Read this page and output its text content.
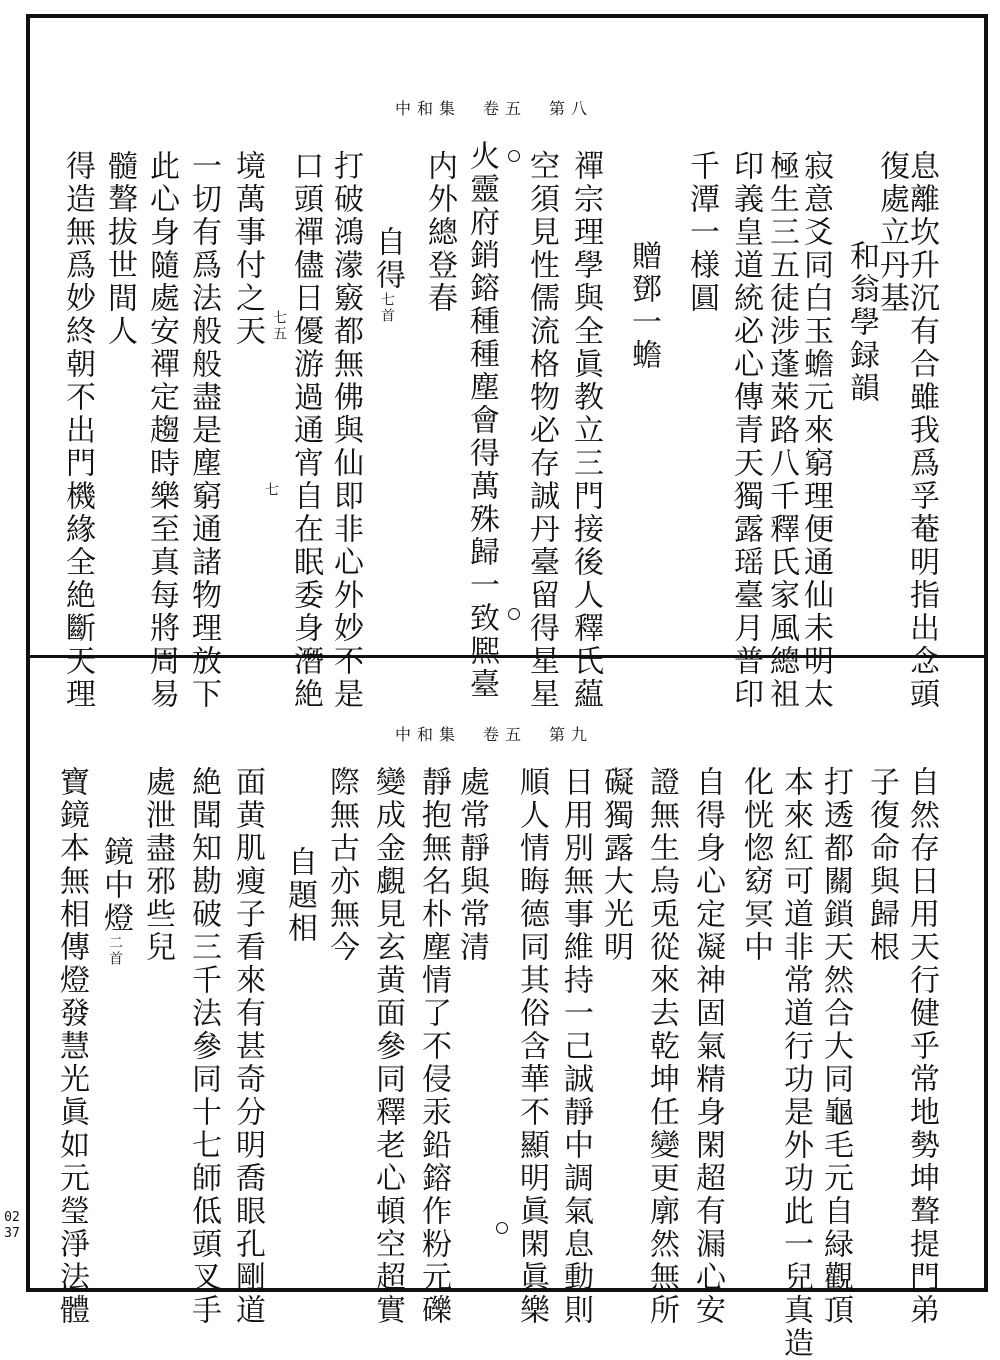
中和集　卷五　第八
息離坎升沉有合雖我爲孚菴明指出念頭
復處立丹基
和翁學録韻
寂意爻同白玉蟾元來窮理便通仙未明太
極生三五徒涉蓬萊路八千釋氏家風總祖
印義皇道統必心傳青天獨露瑶臺月普印
千潭一様圓
贈鄧一蟾
禪宗理學與全眞教立三門接後人釋氏藴
空須見性儒流格物必存誠丹臺留得星星
火靈府銷鎔種種塵會得萬殊歸一致熈臺
内外總登春
自得七首
打破鴻濛竅都無佛與仙即非心外妙不是
口頭禪儘日優游過通宵自在眠委身潛絶
七五
七
境萬事付之天
一切有爲法般般盡是塵窮通諸物理放下
此心身隨處安禪定趨時樂至真每將周易
髓聱拔世間人
得造無爲妙終朝不出門機緣全絶斷天理
中和集　卷五　第九
自然存日用天行健乎常地勢坤聱提門弟
子復命與歸根
打透都關鎖天然合大同龜毛元自緑觀頂
本來紅可道非常道行功是外功此一兒真造
化恍惚窈冥中
自得身心定凝神固氣精身閑超有漏心安
證無生烏兎從來去乾坤任變更廓然無所
礙獨露大光明
日用別無事維持一己誠靜中調氣息動則
順人情晦德同其俗含華不顯明眞閑眞樂
處常靜與常清
靜抱無名朴塵情了不侵汞鉛鎔作粉元礫
變成金覷見玄黄面參同釋老心頓空超實
際無古亦無今
自題相
面黄肌瘦子看來有甚奇分明喬眼孔剛道
絶聞知勘破三千法參同十七師低頭叉手
處泄盡邪些兒
鏡中燈二首
寶鏡本無相傳燈發慧光眞如元瑩淨法體
0237
